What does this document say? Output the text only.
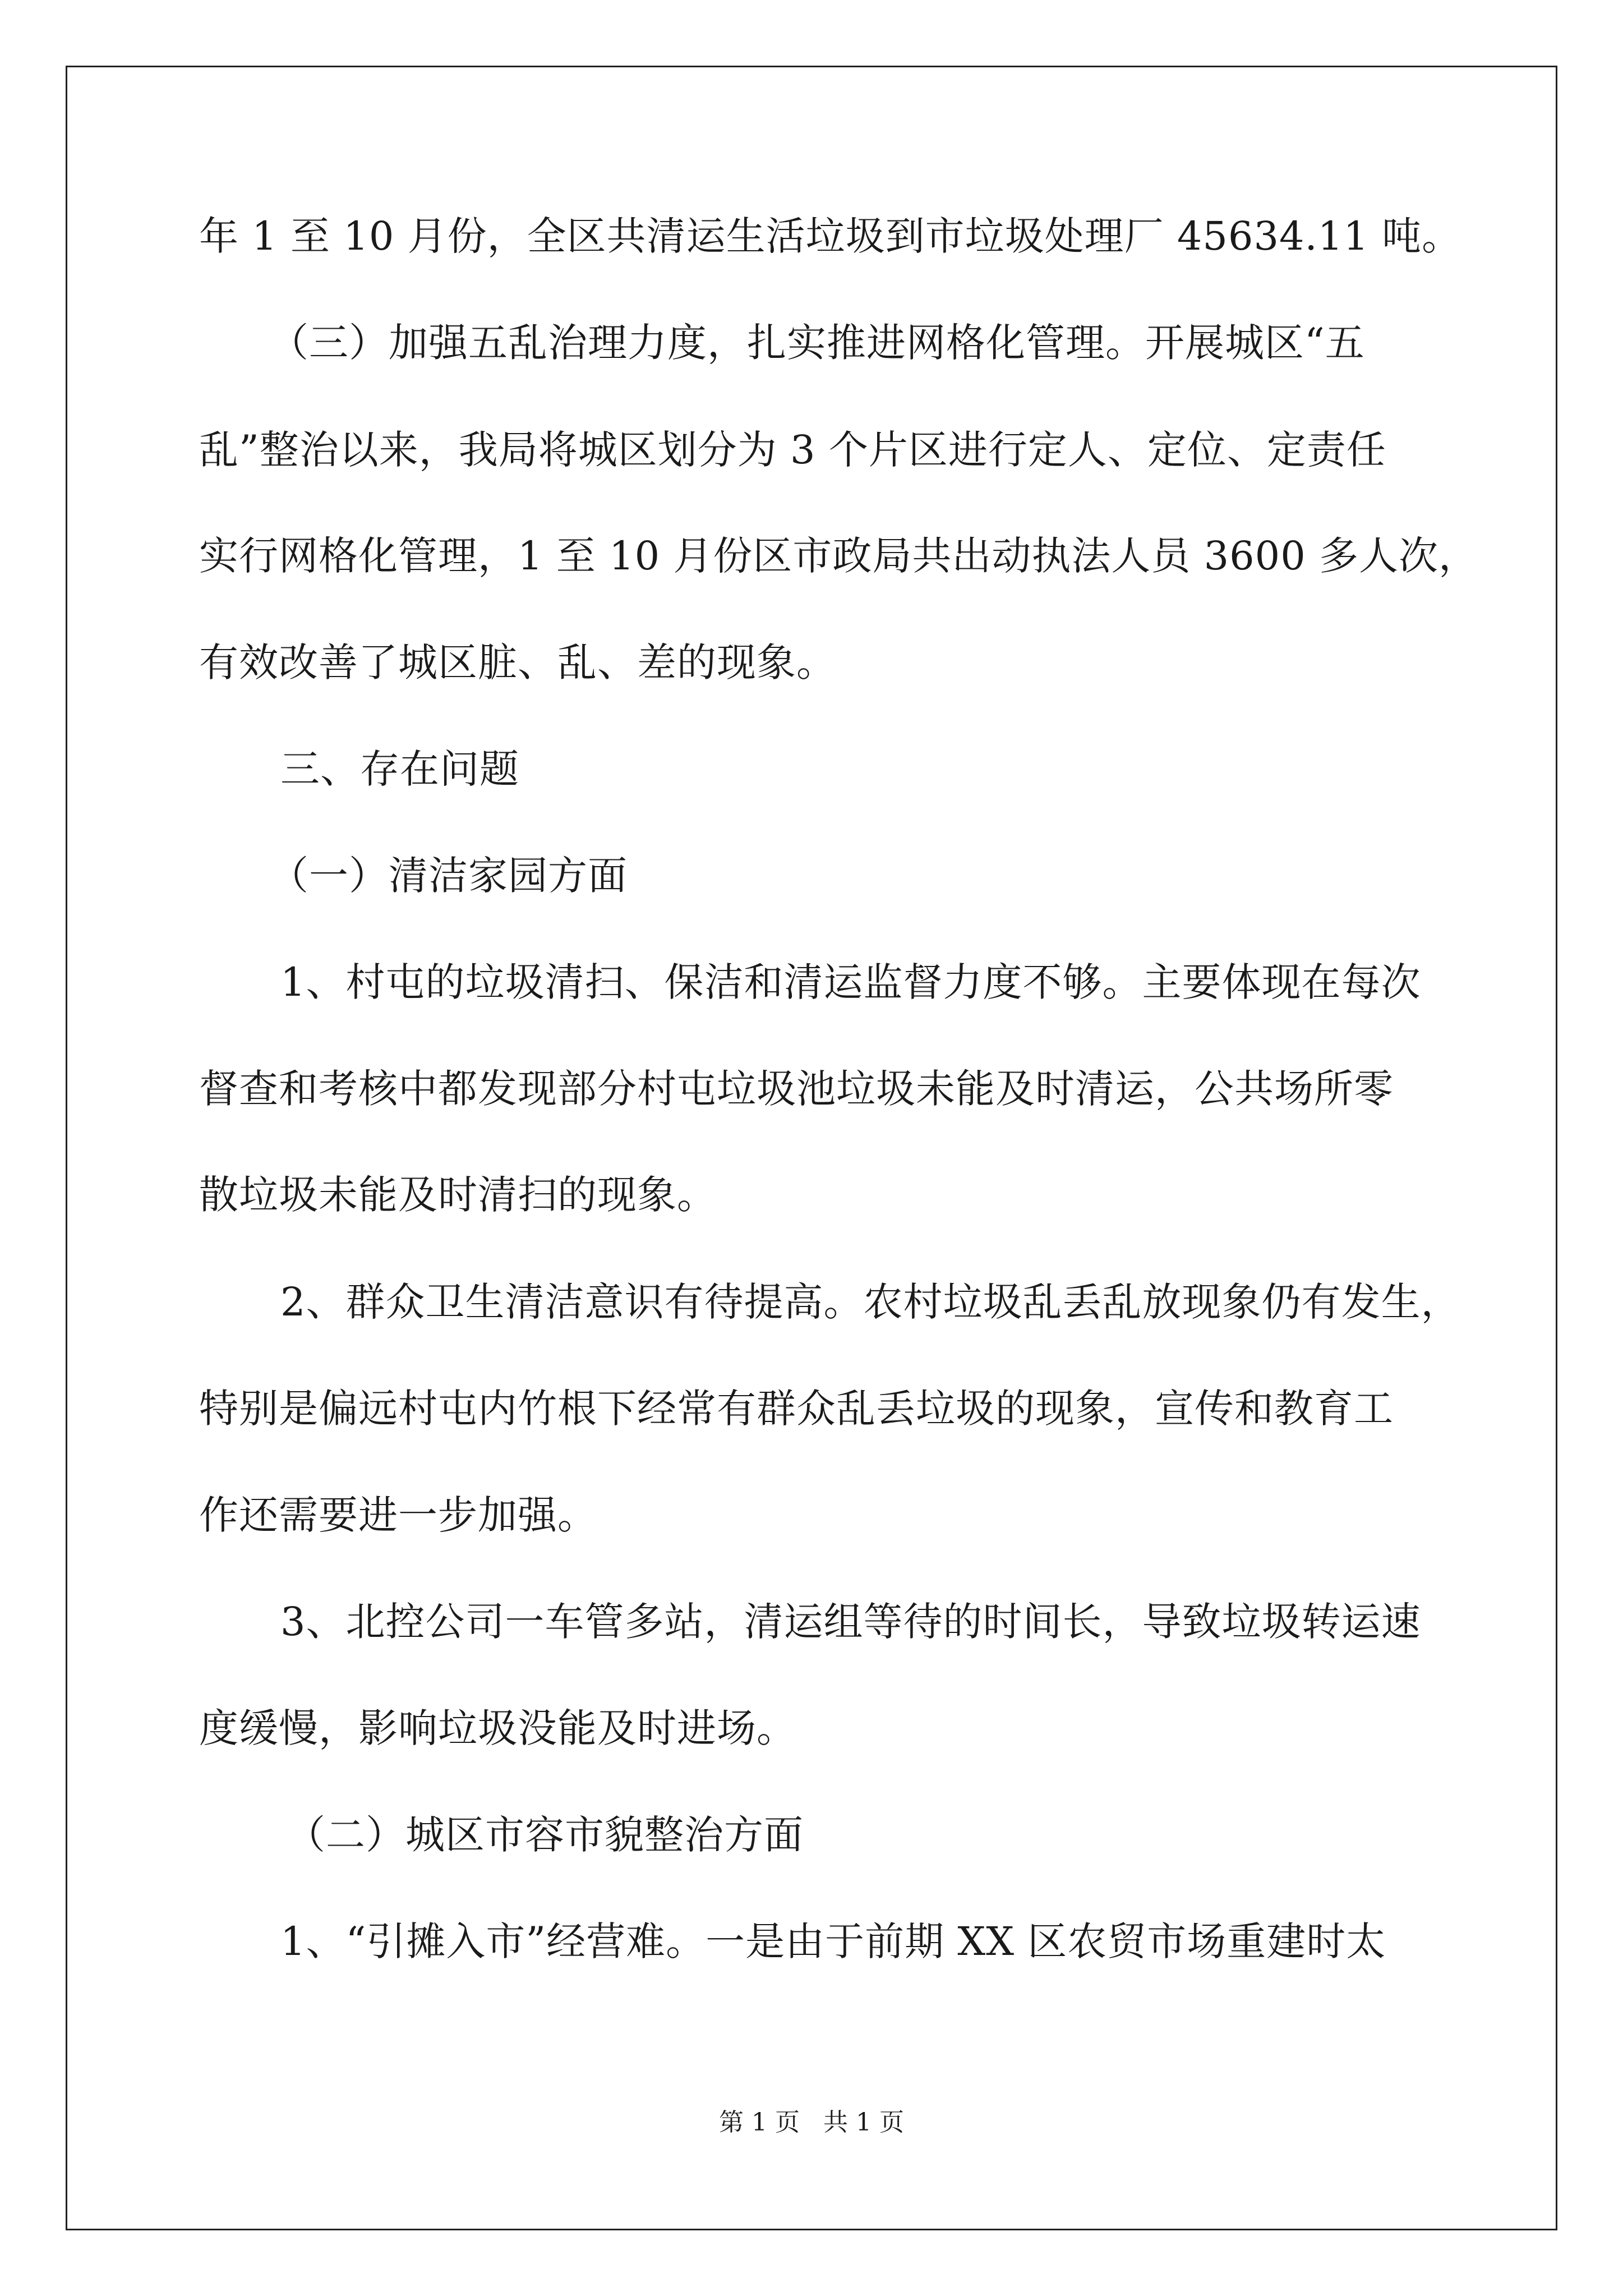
年 1 至 10 月份，全区共清运生活垃圾到市垃圾处理厂 45634.11 吨。
（三）加强五乱治理力度，扎实推进网格化管理。开展城区“五
乱”整治以来，我局将城区划分为 3 个片区进行定人、定位、定责任
实行网格化管理，1 至 10 月份区市政局共出动执法人员 3600 多人次，
有效改善了城区脏、乱、差的现象。
三、存在问题
（一）清洁家园方面
1、村屯的垃圾清扫、保洁和清运监督力度不够。主要体现在每次
督查和考核中都发现部分村屯垃圾池垃圾未能及时清运，公共场所零
散垃圾未能及时清扫的现象。
2、群众卫生清洁意识有待提高。农村垃圾乱丢乱放现象仍有发生，
特别是偏远村屯内竹根下经常有群众乱丢垃圾的现象，宣传和教育工
作还需要进一步加强。
3、北控公司一车管多站，清运组等待的时间长，导致垃圾转运速
度缓慢，影响垃圾没能及时进场。
（二）城区市容市貌整治方面
1、“引摊入市”经营难。一是由于前期 XX 区农贸市场重建时太
第 1 页   共 1 页
